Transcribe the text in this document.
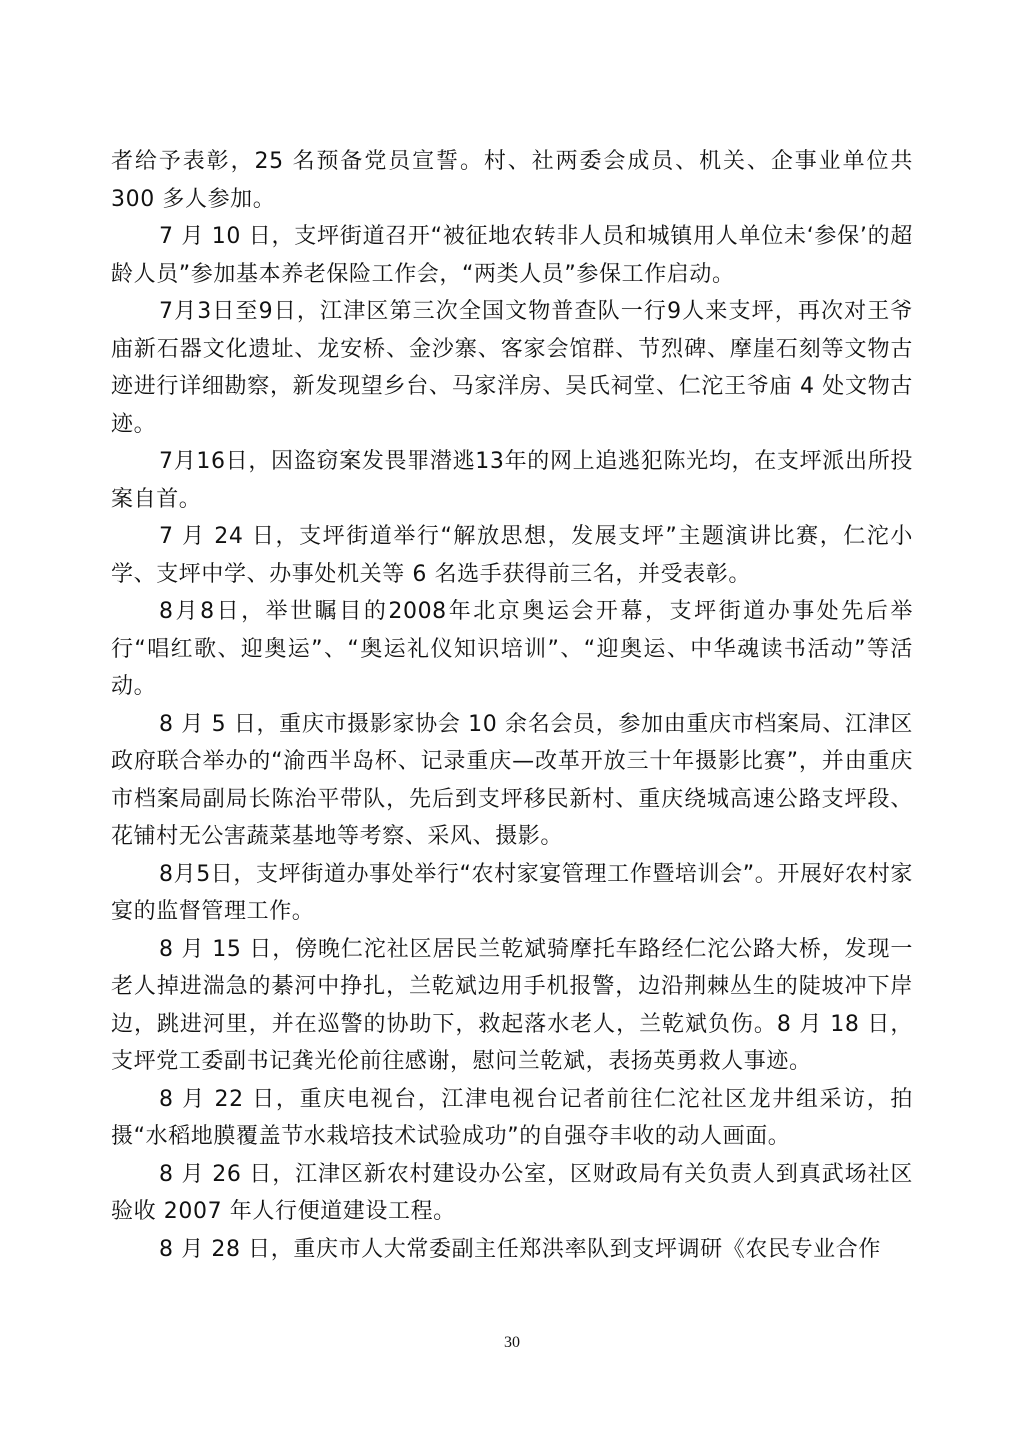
者给予表彰，25 名预备党员宣誓。村、社两委会成员、机关、企事业单位共300 多人参加。

7 月 10 日，支坪街道召开“被征地农转非人员和城镇用人单位未‘参保’的超龄人员”参加基本养老保险工作会，“两类人员”参保工作启动。

7月3日至9日，江津区第三次全国文物普查队一行9人来支坪，再次对王爷庙新石器文化遗址、龙安桥、金沙寨、客家会馆群、节烈碑、摩崖石刻等文物古迹进行详细勘察，新发现望乡台、马家洋房、吴氏祠堂、仁沱王爷庙 4 处文物古迹。

7月16日，因盗窃案发畏罪潜逃13年的网上追逃犯陈光均，在支坪派出所投案自首。

7 月 24 日，支坪街道举行“解放思想，发展支坪”主题演讲比赛，仁沱小学、支坪中学、办事处机关等 6 名选手获得前三名，并受表彰。

8月8日，举世瞩目的2008年北京奥运会开幕，支坪街道办事处先后举行“唱红歌、迎奥运”、“奥运礼仪知识培训”、“迎奥运、中华魂读书活动”等活动。

8 月 5 日，重庆市摄影家协会 10 余名会员，参加由重庆市档案局、江津区政府联合举办的“渝西半岛杯、记录重庆—改革开放三十年摄影比赛”，并由重庆市档案局副局长陈治平带队，先后到支坪移民新村、重庆绕城高速公路支坪段、花铺村无公害蔬菜基地等考察、采风、摄影。

8月5日，支坪街道办事处举行“农村家宴管理工作暨培训会”。开展好农村家宴的监督管理工作。

8 月 15 日，傍晚仁沱社区居民兰乾斌骑摩托车路经仁沱公路大桥，发现一老人掉进湍急的綦河中挣扎，兰乾斌边用手机报警，边沿荆棘丛生的陡坡冲下岸边，跳进河里，并在巡警的协助下，救起落水老人，兰乾斌负伤。8 月 18 日，支坪党工委副书记龚光伦前往感谢，慰问兰乾斌，表扬英勇救人事迹。

8 月 22 日，重庆电视台，江津电视台记者前往仁沱社区龙井组采访，拍摄“水稻地膜覆盖节水栽培技术试验成功”的自强夺丰收的动人画面。

8 月 26 日，江津区新农村建设办公室，区财政局有关负责人到真武场社区验收 2007 年人行便道建设工程。

8 月 28 日，重庆市人大常委副主任郑洪率队到支坪调研《农民专业合作

30
